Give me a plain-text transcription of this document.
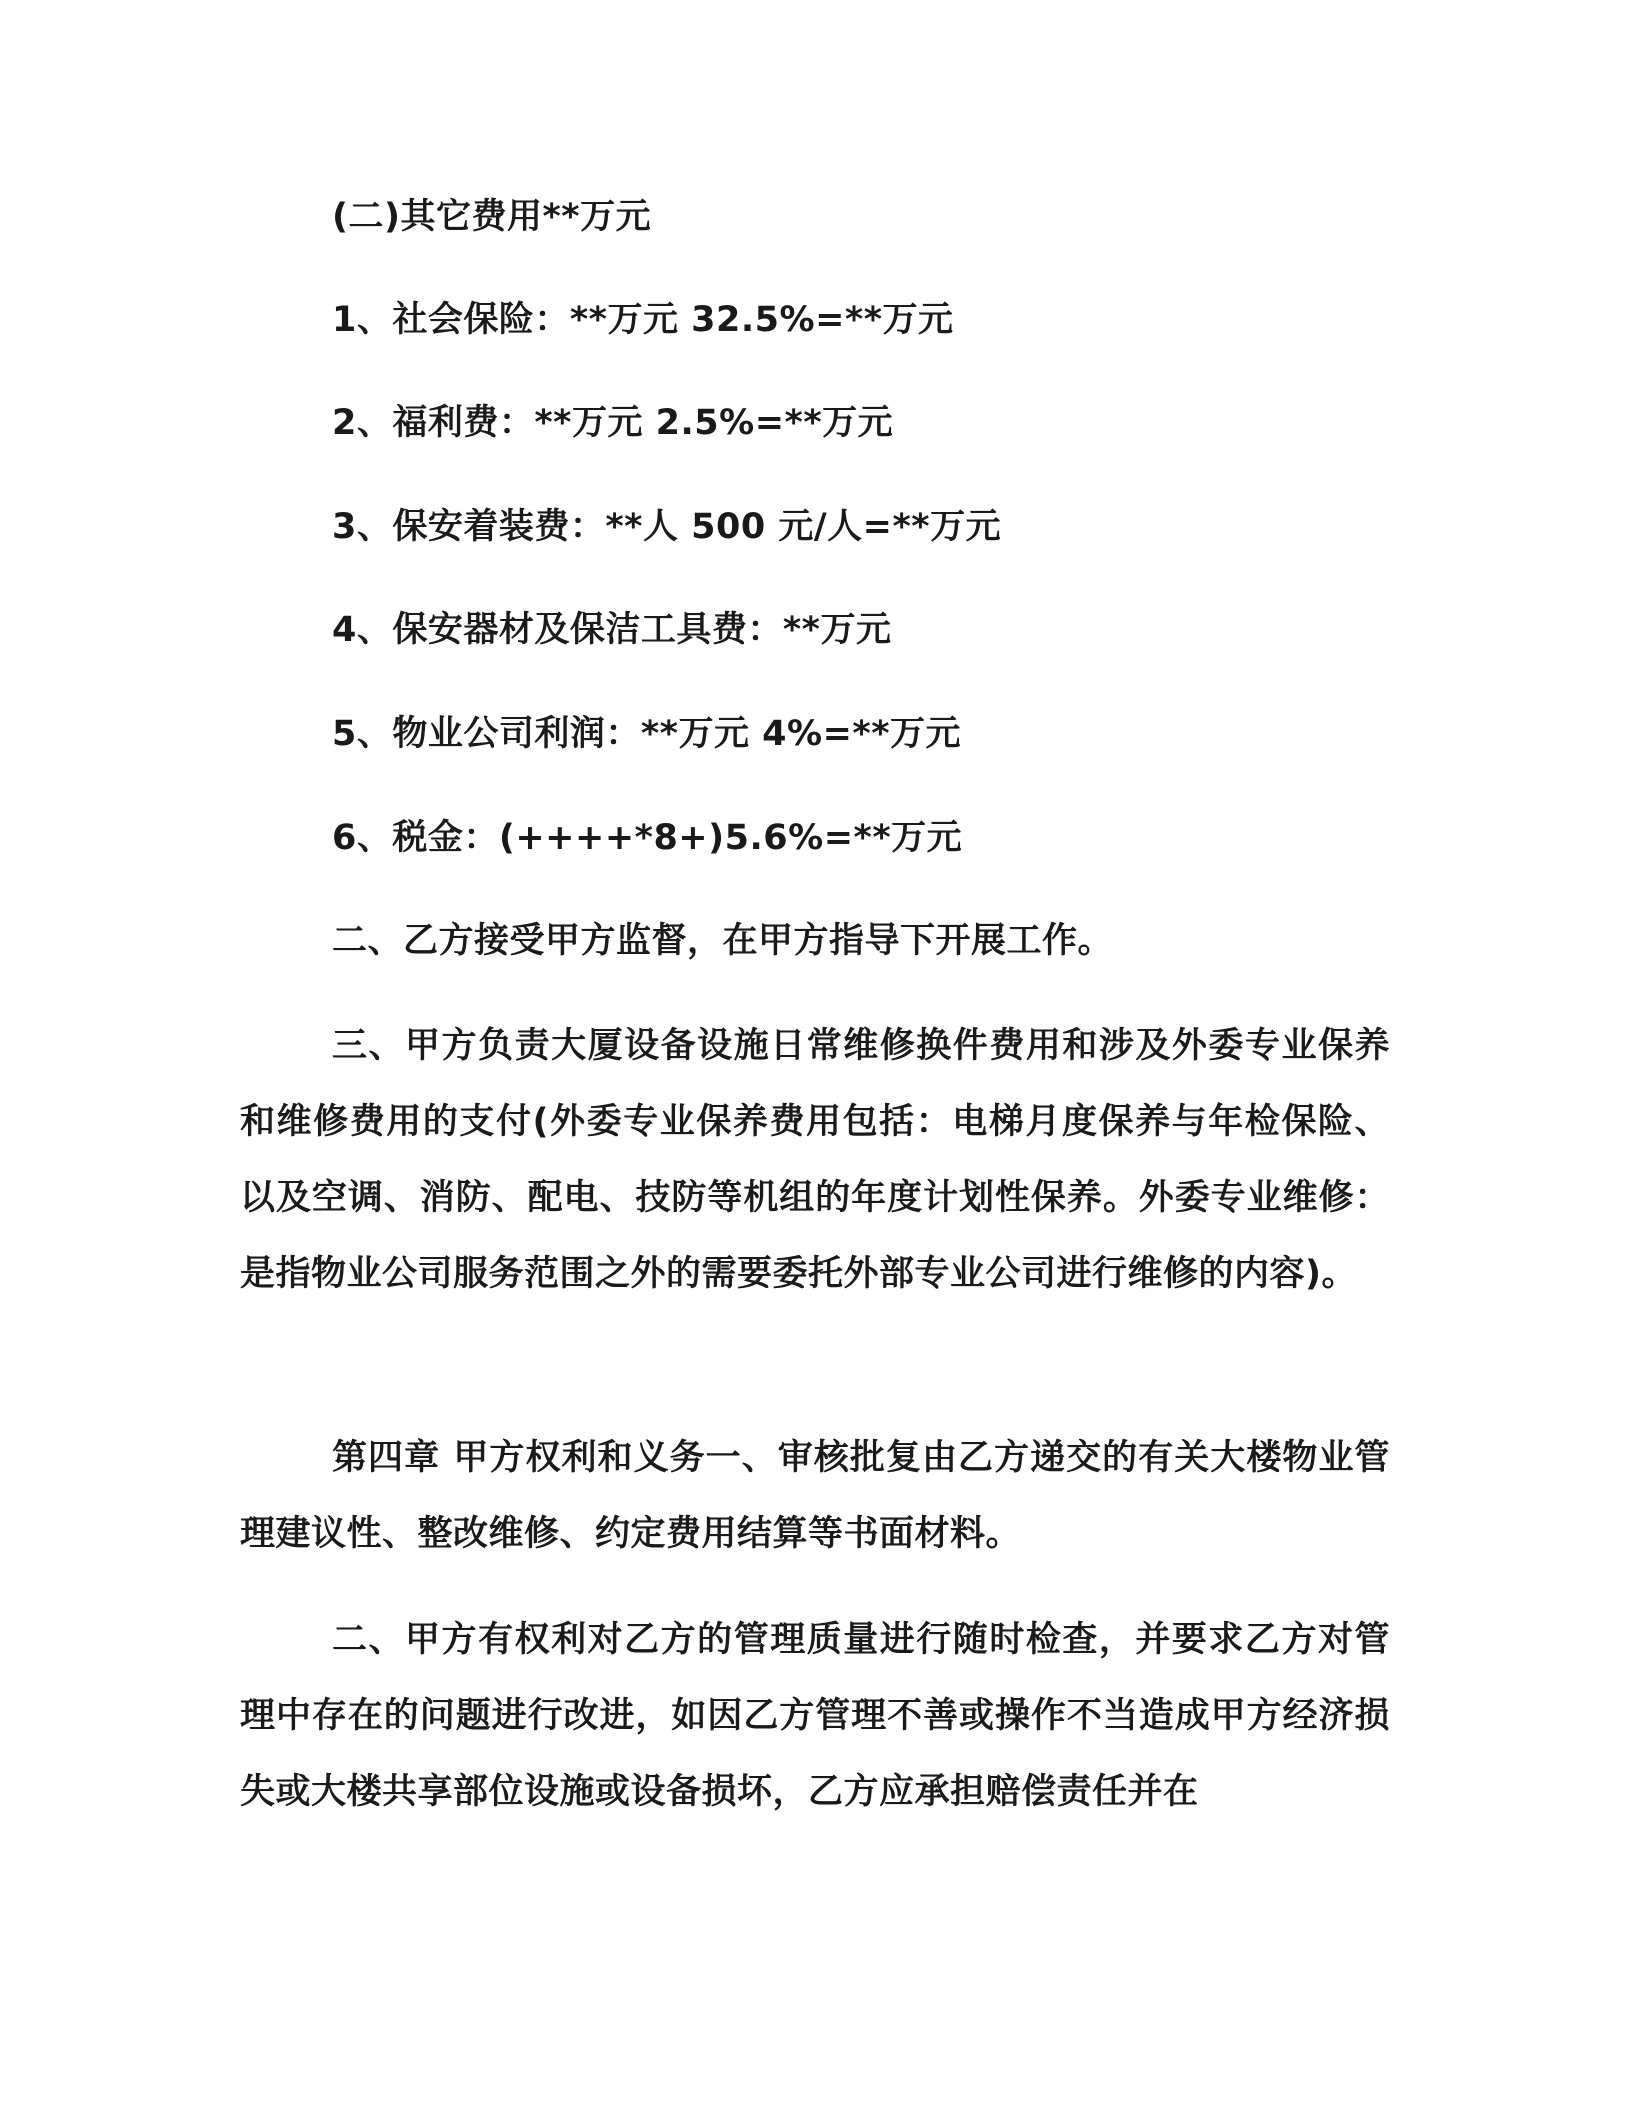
(二)其它费用**万元
1、社会保险：**万元 32.5%=**万元
2、福利费：**万元 2.5%=**万元
3、保安着装费：**人 500 元/人=**万元
4、保安器材及保洁工具费：**万元
5、物业公司利润：**万元 4%=**万元
6、税金：(++++*8+)5.6%=**万元
二、乙方接受甲方监督，在甲方指导下开展工作。
三、甲方负责大厦设备设施日常维修换件费用和涉及外委专业保养和维修费用的支付(外委专业保养费用包括：电梯月度保养与年检保险、以及空调、消防、配电、技防等机组的年度计划性保养。外委专业维修：是指物业公司服务范围之外的需要委托外部专业公司进行维修的内容)。
第四章 甲方权利和义务一、审核批复由乙方递交的有关大楼物业管理建议性、整改维修、约定费用结算等书面材料。
二、甲方有权利对乙方的管理质量进行随时检查，并要求乙方对管理中存在的问题进行改进，如因乙方管理不善或操作不当造成甲方经济损失或大楼共享部位设施或设备损坏，乙方应承担赔偿责任并在
